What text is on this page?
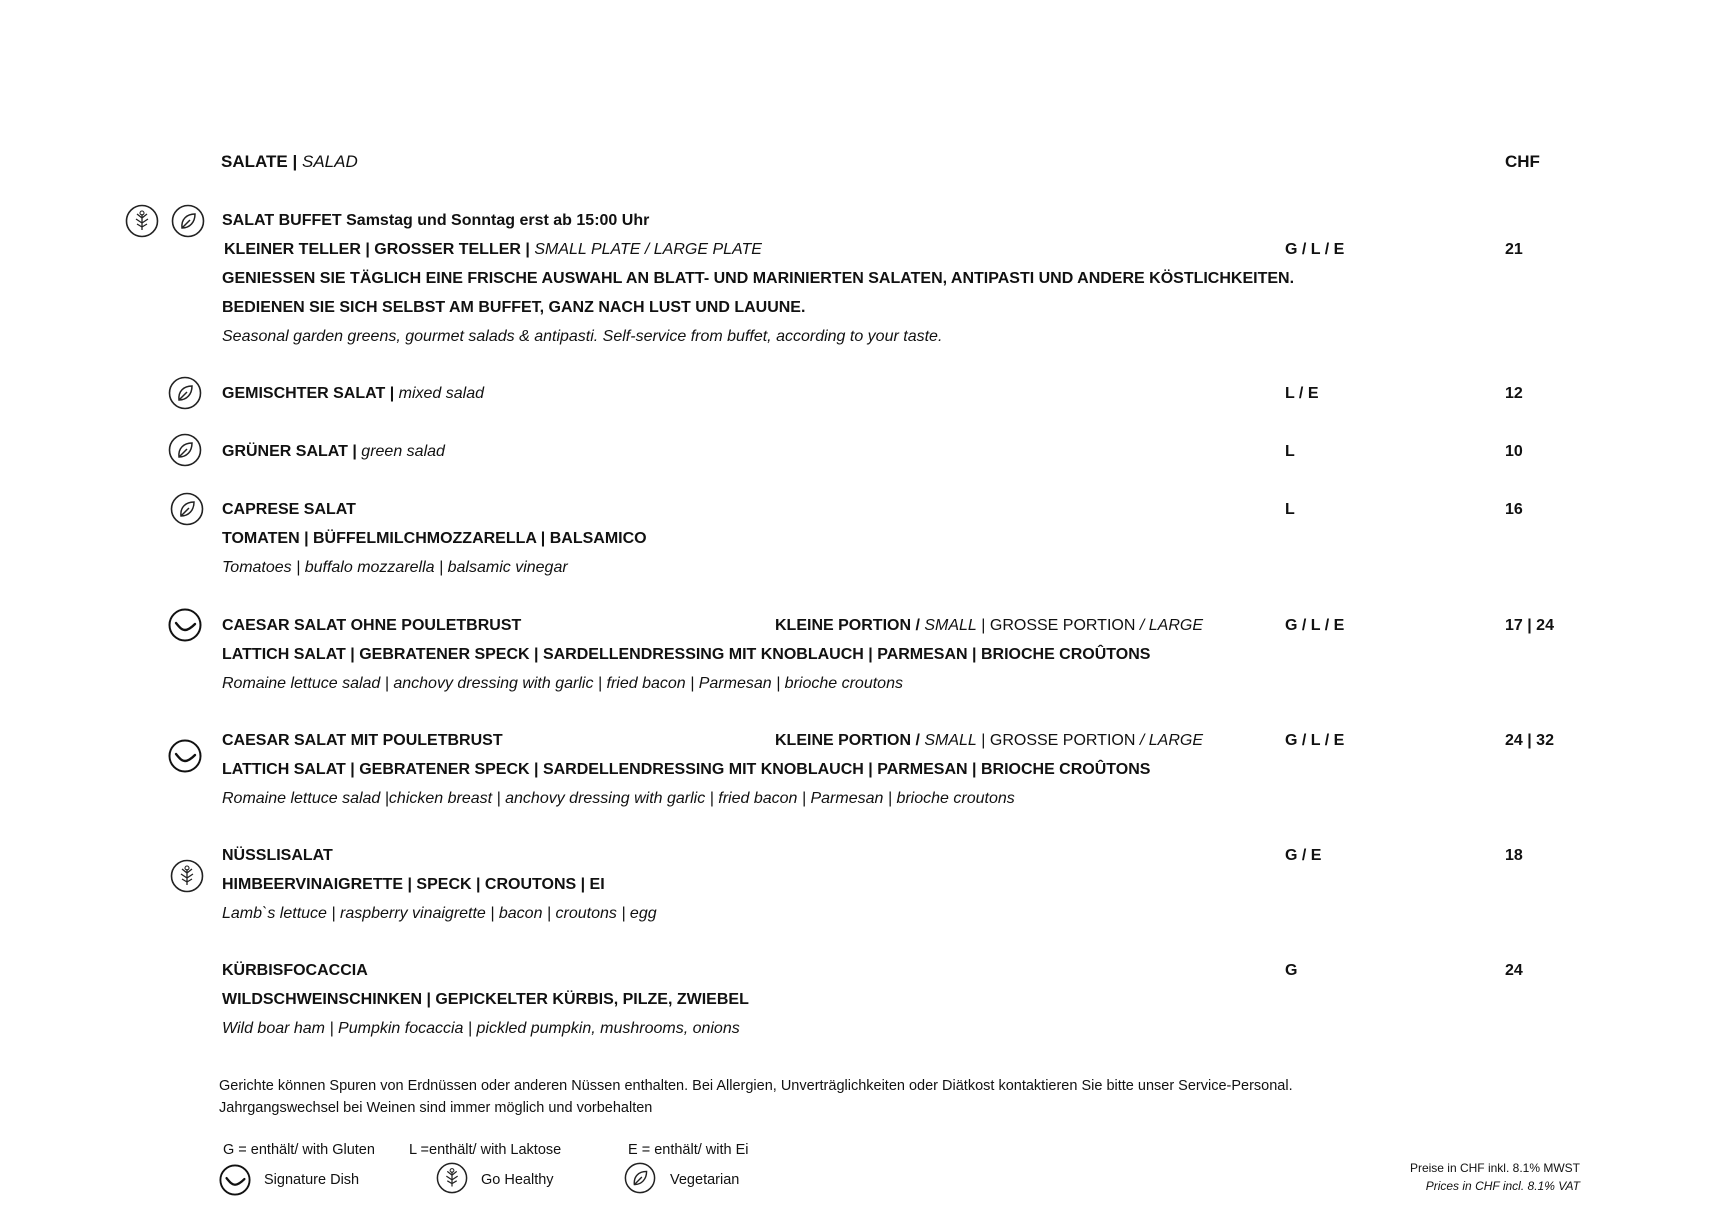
SALATE | SALAD	CHF
SALAT BUFFET Samstag und Sonntag erst ab 15:00 Uhr
KLEINER TELLER | GROSSER TELLER | SMALL PLATE / LARGE PLATE	G / L / E	21
GENIESSEN SIE TÄGLICH EINE FRISCHE AUSWAHL AN BLATT- UND MARINIERTEN SALATEN, ANTIPASTI UND ANDERE KÖSTLICHKEITEN.
BEDIENEN SIE SICH SELBST AM BUFFET, GANZ NACH LUST UND LAUUNE.
Seasonal garden greens, gourmet salads & antipasti. Self-service from buffet, according to your taste.
GEMISCHTER SALAT | mixed salad	L / E	12
GRÜNER SALAT | green salad	L	10
CAPRESE SALAT	L	16
TOMATEN | BÜFFELMILCHMOZZARELLA | BALSAMICO
Tomatoes | buffalo mozzarella | balsamic vinegar
CAESAR SALAT OHNE POULETBRUST	KLEINE PORTION / SMALL | GROSSE PORTION / LARGE	G / L / E	17 | 24
LATTICH SALAT | GEBRATENER SPECK | SARDELLENDRESSING MIT KNOBLAUCH | PARMESAN | BRIOCHE CROÛTONS
Romaine lettuce salad | anchovy dressing with garlic | fried bacon | Parmesan | brioche croutons
CAESAR SALAT MIT POULETBRUST	KLEINE PORTION / SMALL | GROSSE PORTION / LARGE	G / L / E	24 | 32
LATTICH SALAT | GEBRATENER SPECK | SARDELLENDRESSING MIT KNOBLAUCH | PARMESAN | BRIOCHE CROÛTONS
Romaine lettuce salad |chicken breast | anchovy dressing with garlic | fried bacon | Parmesan | brioche croutons
NÜSSLISALAT	G / E	18
HIMBEERVINAIGRETTE | SPECK | CROUTONS | EI
Lamb`s lettuce | raspberry vinaigrette | bacon | croutons | egg
KÜRBISFOCACCIA	G	24
WILDSCHWEINSCHINKEN | GEPICKELTER KÜRBIS, PILZE, ZWIEBEL
Wild boar ham | Pumpkin focaccia | pickled pumpkin, mushrooms, onions
Gerichte können Spuren von Erdnüssen oder anderen Nüssen enthalten. Bei Allergien, Unverträglichkeiten oder Diätkost kontaktieren Sie bitte unser Service-Personal.
Jahrgangswechsel bei Weinen sind immer möglich und vorbehalten
G = enthält/ with Gluten L =enthält/ with Laktose	E = enthält/ with Ei
Signature Dish	Go Healthy	Vegetarian
Preise in CHF inkl. 8.1% MWST
Prices in CHF incl. 8.1% VAT
